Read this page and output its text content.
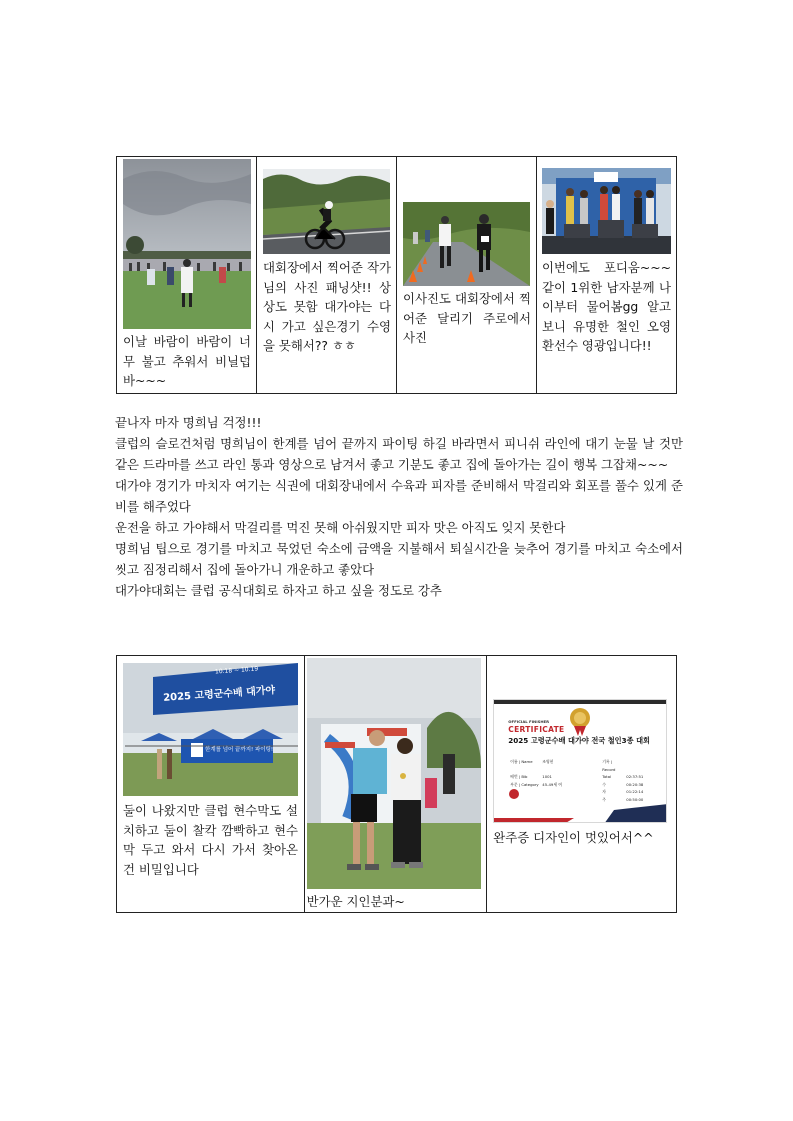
이날 바람이 바람이 너무 불고 추워서 비닐덥바~~~

대회장에서 찍어준 작가님의 사진 패닝샷!! 상상도 못함 대가야는 다시 가고 싶은경기 수영을 못해서?? ㅎㅎ

이사진도 대회장에서 찍어준 달리기 주로에서 사진

이번에도 포디움~~~ 같이 1위한 남자분께 나이부터 물어봄gg 알고보니 유명한 철인 오영환선수 영광입니다!!

끝나자 마자 명희님 걱정!!!

클럽의 슬로건처럼 명희님이 한계를 넘어 끝까지 파이팅 하길 바라면서 피니쉬 라인에 대기 눈물 날 것만 같은 드라마를 쓰고 라인 통과 영상으로 남겨서 좋고 기분도 좋고 집에 돌아가는 길이 행복 그잡채~~~

대가야 경기가 마치자 여기는 식권에 대회장내에서 수육과 피자를 준비해서 막걸리와 회포를 풀수 있게 준비를 해주었다

운전을 하고 가야해서 막걸리를 먹진 못해 아쉬웠지만 피자 맛은 아직도 잊지 못한다

명희님 팁으로 경기를 마치고 묵었던 숙소에 금액을 지불해서 퇴실시간을 늦추어 경기를 마치고 숙소에서 씻고 짐정리해서 집에 돌아가니 개운하고 좋았다

대가야대회는 클럽 공식대회로 하자고 하고 싶을 정도로 강추

10.18 ~ 10.19
2025 고령군수배 대가야
한계를 넘어 끝까지! 파이팅!
둘이 나왔지만 클럽 현수막도 설치하고 둘이 찰칵 깜빡하고 현수막 두고 와서 다시 가서 찾아온건 비밀입니다

반가운 지인분과~

OFFICIAL FINISHER
CERTIFICATE
2025 고령군수배 대가야 전국 철인3종 대회
이름 | Name	조영현	기록 | Record
배번 | Bib	1001	Total	02:37:51
부문 | Category 45-49세 여	수	00:20:38
자	01:22:14
주	00:50:00
완주증 디자인이 멋있어서^^
